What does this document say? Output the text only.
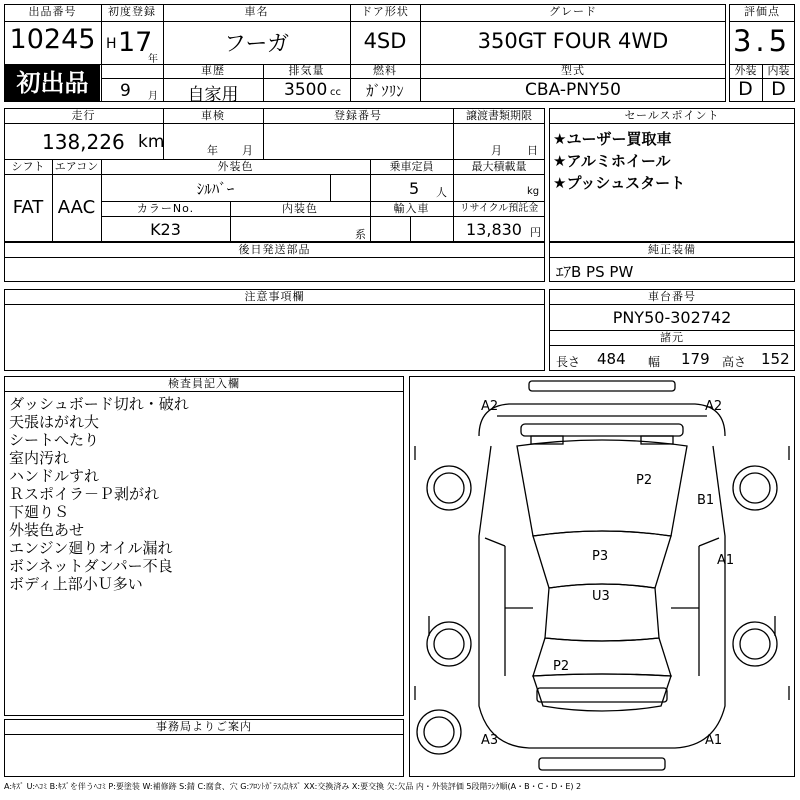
出品番号
10245
初出品
初度登録
H 17
年
9 月
車名
フーガ
ドア形状
4SD
グレード
350GT FOUR 4WD
評価点
3.5
車歴
自家用
排気量
3500 cc
燃料
ｶﾞｿﾘﾝ
型式
CBA-PNY50
外装	内装
D D
走行
138,226 km
車検
年 月
登録番号	譲渡書類期限
月 日
シフト
FAT
エアコン
AAC
外装色
ｼﾙﾊﾞｰ
乗車定員
5 人
最大積載量
kg
カラーNo.
K23
内装色
系
輸入車	リサイクル預託金
13,830 円
セールスポイント
★ユーザー買取車
★アルミホイール
★プッシュスタート
後日発送部品	純正装備
ｴｱB PS PW
注意事項欄	車台番号
PNY50-302742
諸元
長さ 484 幅 179 高さ 152
検査員記入欄
ダッシュボード切れ・破れ
天張はがれ大
シートへたり
室内汚れ
ハンドルすれ
Ｒスポイラ－Ｐ剥がれ
下廻りＳ
外装色あせ
エンジン廻りオイル漏れ
ボンネットダンパー不良
ボディ上部小Ｕ多い
事務局よりご案内
A2	A2
P2
B1
A1
P3
U3
P2
A3	A1
A:ｷｽﾞ U:ﾍｺﾐ B:ｷｽﾞを伴うﾍｺﾐ P:要塗装 W:補修跡 S:錆 C:腐食、穴 G:ﾌﾛﾝﾄｶﾞﾗｽ点ｷｽﾞ XX:交換済み X:要交換 欠:欠品 内・外装評価 5段階ﾗﾝｸ順(A・B・C・D・E) 2
